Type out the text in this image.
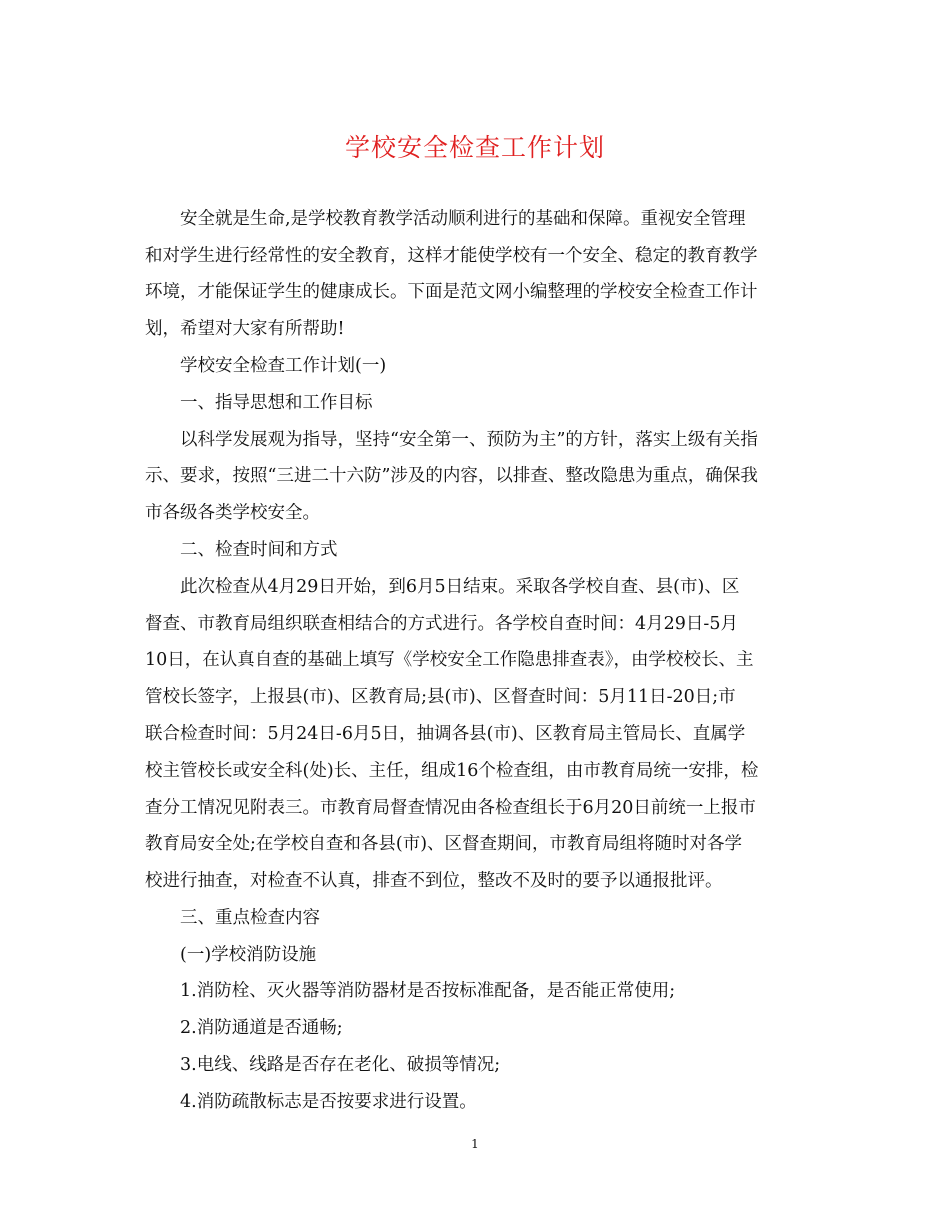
学校安全检查工作计划
　　安全就是生命,是学校教育教学活动顺利进行的基础和保障。重视安全管理
和对学生进行经常性的安全教育，这样才能使学校有一个安全、稳定的教育教学
环境，才能保证学生的健康成长。下面是范文网小编整理的学校安全检查工作计
划，希望对大家有所帮助!
　　学校安全检查工作计划(一)
　　一、指导思想和工作目标
　　以科学发展观为指导，坚持“安全第一、预防为主”的方针，落实上级有关指
示、要求，按照“三进二十六防”涉及的内容，以排查、整改隐患为重点，确保我
市各级各类学校安全。
　　二、检查时间和方式
　　此次检查从4月29日开始，到6月5日结束。采取各学校自查、县(市)、区
督查、市教育局组织联查相结合的方式进行。各学校自查时间：4月29日-5月
10日，在认真自查的基础上填写《学校安全工作隐患排查表》，由学校校长、主
管校长签字，上报县(市)、区教育局;县(市)、区督查时间：5月11日-20日;市
联合检查时间：5月24日-6月5日，抽调各县(市)、区教育局主管局长、直属学
校主管校长或安全科(处)长、主任，组成16个检查组，由市教育局统一安排，检
查分工情况见附表三。市教育局督查情况由各检查组长于6月20日前统一上报市
教育局安全处;在学校自查和各县(市)、区督查期间，市教育局组将随时对各学
校进行抽查，对检查不认真，排查不到位，整改不及时的要予以通报批评。
　　三、重点检查内容
　　(一)学校消防设施
　　1.消防栓、灭火器等消防器材是否按标准配备，是否能正常使用;
　　2.消防通道是否通畅;
　　3.电线、线路是否存在老化、破损等情况;
　　4.消防疏散标志是否按要求进行设置。
1
